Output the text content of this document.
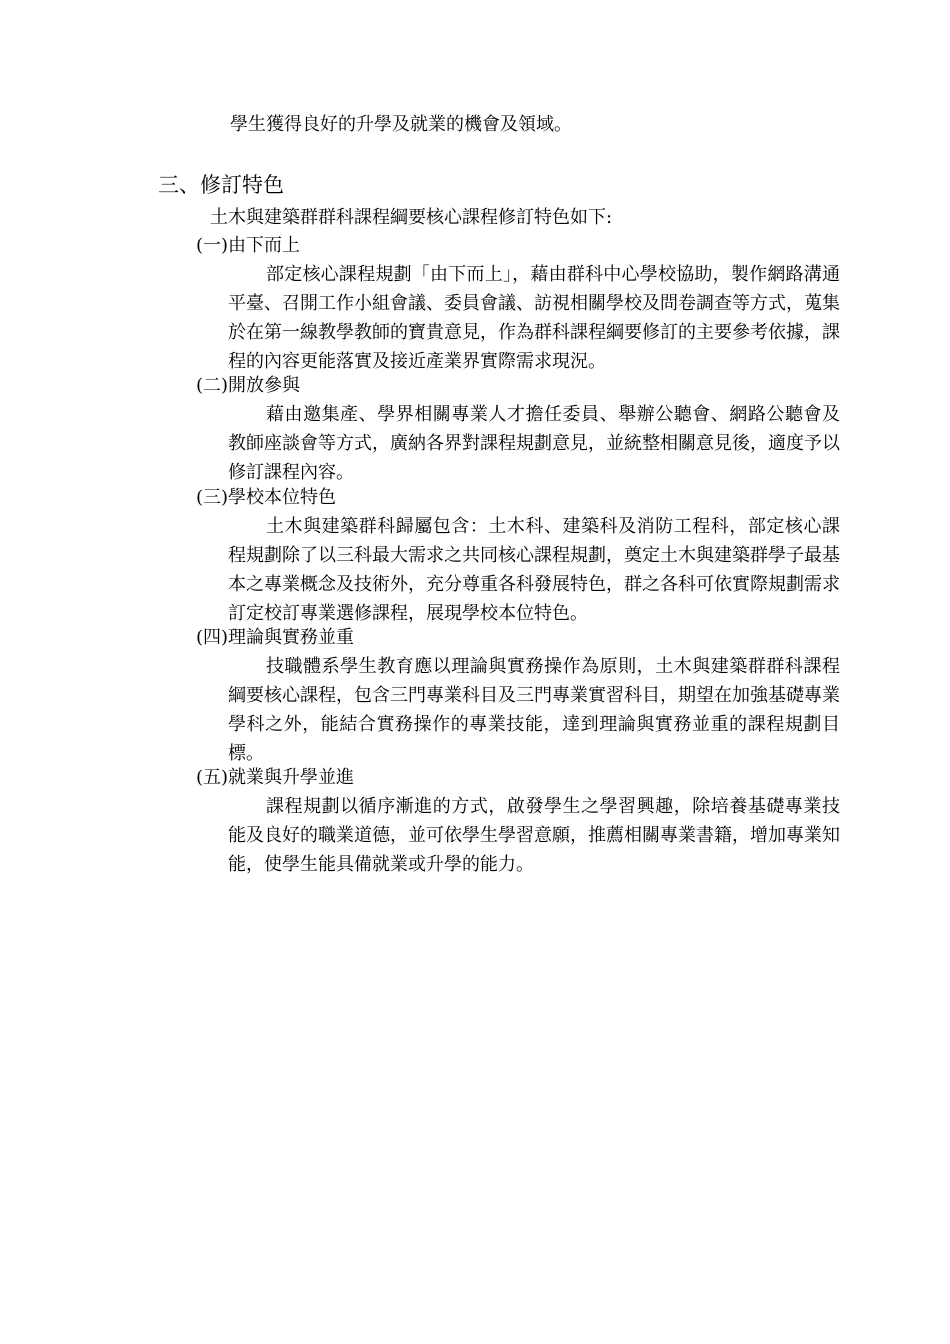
學生獲得良好的升學及就業的機會及領域。
三、修訂特色
土木與建築群群科課程綱要核心課程修訂特色如下:
(一)由下而上
部定核心課程規劃「由下而上」，藉由群科中心學校協助，製作網路溝通平臺、召開工作小組會議、委員會議、訪視相關學校及問卷調查等方式，蒐集於在第一線教學教師的寶貴意見，作為群科課程綱要修訂的主要參考依據，課程的內容更能落實及接近產業界實際需求現況。
(二)開放參與
藉由邀集產、學界相關專業人才擔任委員、舉辦公聽會、網路公聽會及教師座談會等方式，廣納各界對課程規劃意見，並統整相關意見後，適度予以修訂課程內容。
(三)學校本位特色
土木與建築群科歸屬包含：土木科、建築科及消防工程科，部定核心課程規劃除了以三科最大需求之共同核心課程規劃，奠定土木與建築群學子最基本之專業概念及技術外，充分尊重各科發展特色，群之各科可依實際規劃需求訂定校訂專業選修課程，展現學校本位特色。
(四)理論與實務並重
技職體系學生教育應以理論與實務操作為原則，土木與建築群群科課程綱要核心課程，包含三門專業科目及三門專業實習科目，期望在加強基礎專業學科之外，能結合實務操作的專業技能，達到理論與實務並重的課程規劃目標。
(五)就業與升學並進
課程規劃以循序漸進的方式，啟發學生之學習興趣，除培養基礎專業技能及良好的職業道德，並可依學生學習意願，推薦相關專業書籍，增加專業知能，使學生能具備就業或升學的能力。
